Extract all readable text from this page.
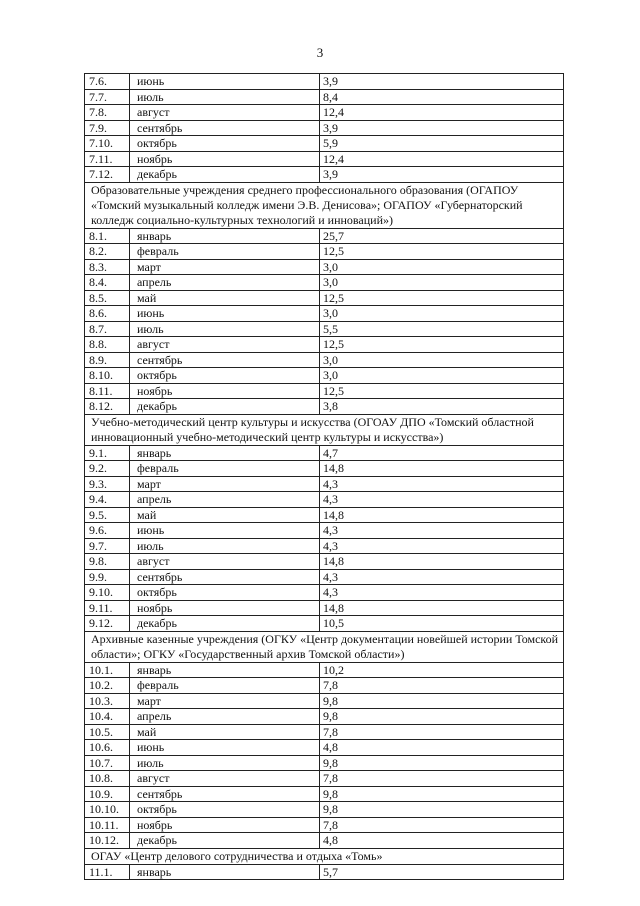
3
7.6.	июнь	3,9
7.7.	июль	8,4
7.8.	август	12,4
7.9.	сентябрь	3,9
7.10.	октябрь	5,9
7.11.	ноябрь	12,4
7.12.	декабрь	3,9
Образовательные учреждения среднего профессионального образования (ОГАПОУ «Томский музыкальный колледж имени Э.В. Денисова»; ОГАПОУ «Губернаторский колледж социально-культурных технологий и инноваций»)		
8.1.	январь	25,7
8.2.	февраль	12,5
8.3.	март	3,0
8.4.	апрель	3,0
8.5.	май	12,5
8.6.	июнь	3,0
8.7.	июль	5,5
8.8.	август	12,5
8.9.	сентябрь	3,0
8.10.	октябрь	3,0
8.11.	ноябрь	12,5
8.12.	декабрь	3,8
Учебно-методический центр культуры и искусства (ОГОАУ ДПО «Томский областной инновационный учебно-методический центр культуры и искусства»)		
9.1.	январь	4,7
9.2.	февраль	14,8
9.3.	март	4,3
9.4.	апрель	4,3
9.5.	май	14,8
9.6.	июнь	4,3
9.7.	июль	4,3
9.8.	август	14,8
9.9.	сентябрь	4,3
9.10.	октябрь	4,3
9.11.	ноябрь	14,8
9.12.	декабрь	10,5
Архивные казенные учреждения (ОГКУ «Центр документации новейшей истории Томской области»; ОГКУ «Государственный архив Томской области»)		
10.1.	январь	10,2
10.2.	февраль	7,8
10.3.	март	9,8
10.4.	апрель	9,8
10.5.	май	7,8
10.6.	июнь	4,8
10.7.	июль	9,8
10.8.	август	7,8
10.9.	сентябрь	9,8
10.10.	октябрь	9,8
10.11.	ноябрь	7,8
10.12.	декабрь	4,8
ОГАУ «Центр делового сотрудничества и отдыха «Томь»		
11.1.	январь	5,7
